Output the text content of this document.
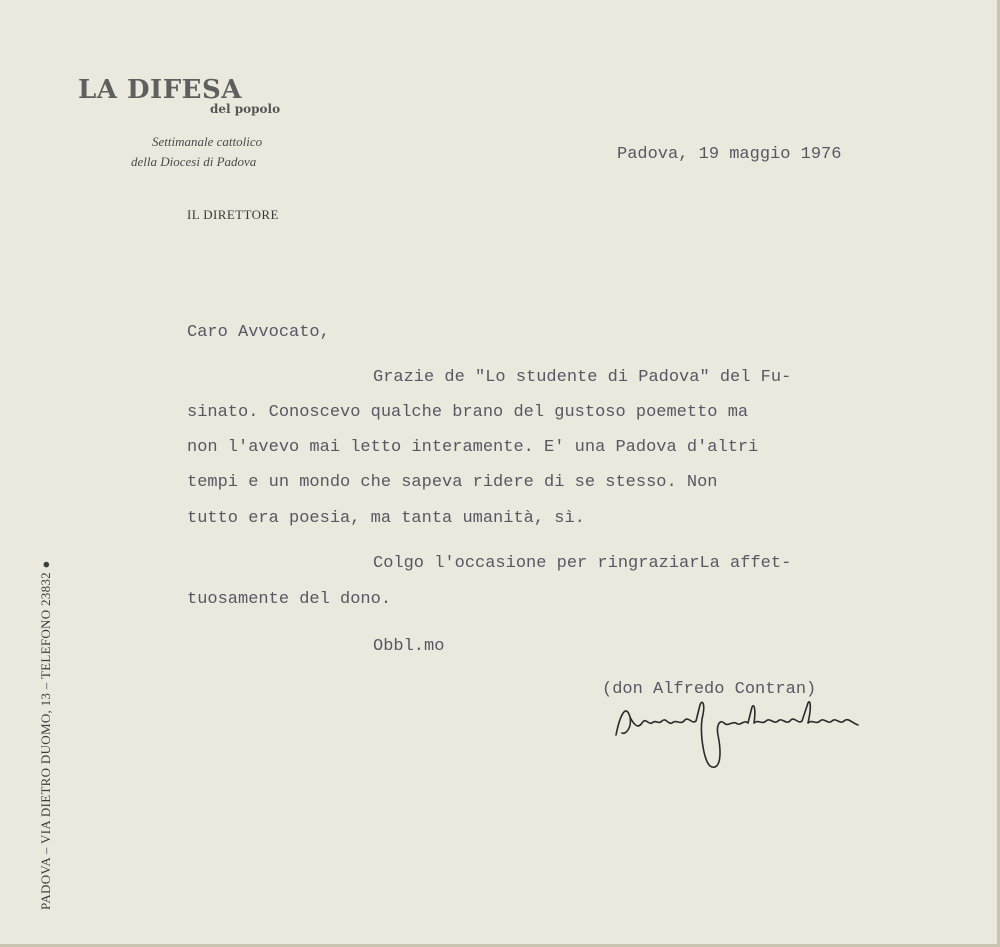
LA DIFESA
del popolo
Settimanale cattolico
della Diocesi di Padova
IL DIRETTORE
Padova, 19 maggio 1976
Caro Avvocato,
Grazie de "Lo studente di Padova" del Fu-
sinato. Conoscevo qualche brano del gustoso poemetto ma
non l'avevo mai letto interamente. E' una Padova d'altri
tempi e un mondo che sapeva ridere di se stesso. Non
tutto era poesia, ma tanta umanità, sì.
Colgo l'occasione per ringraziarLa affet-
tuosamente del dono.
Obbl.mo
(don Alfredo Contran)
PADOVA – VIA DIETRO DUOMO, 13 – TELEFONO 23832 ●
